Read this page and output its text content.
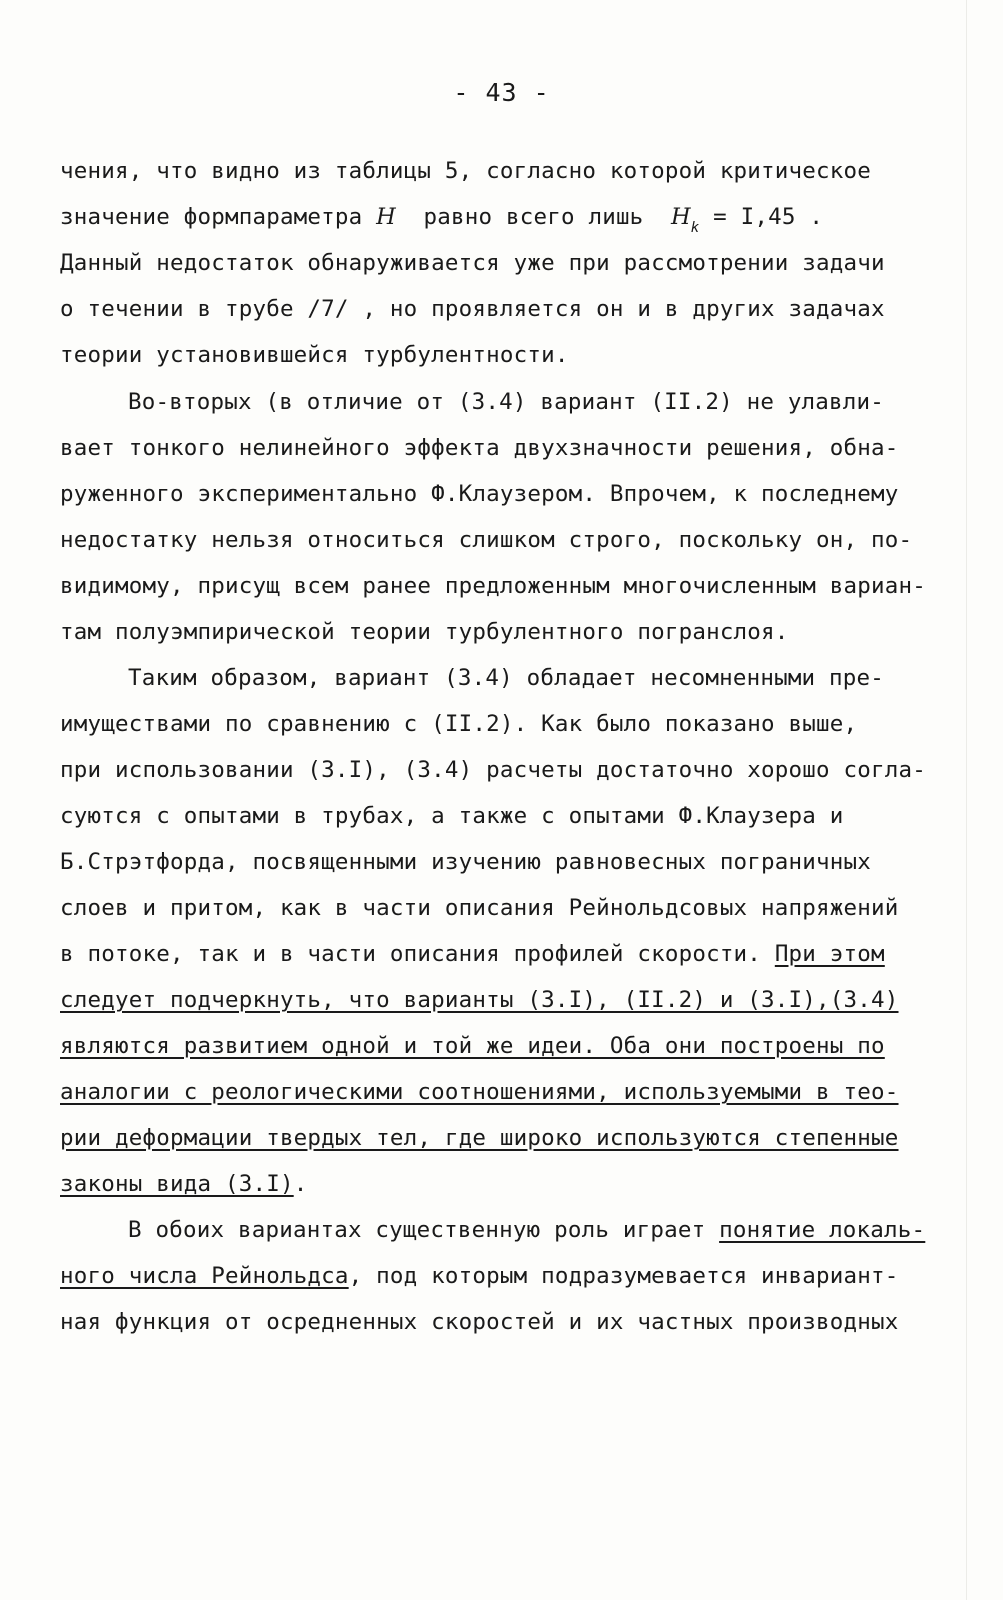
- 43 -
чения, что видно из таблицы 5, согласно которой критическое
значение формпараметра H  равно всего лишь  $H_k = I,45$ .
Данный недостаток обнаруживается уже при рассмотрении задачи
о течении в трубе /7/ , но проявляется он и в других задачах
теории установившейся турбулентности.
Во-вторых (в отличие от (3.4) вариант (II.2) не улавли-
вает тонкого нелинейного эффекта двухзначности решения, обна-
руженного экспериментально Ф.Клаузером. Впрочем, к последнему
недостатку нельзя относиться слишком строго, поскольку он, по-
видимому, присущ всем ранее предложенным многочисленным вариан-
там полуэмпирической теории турбулентного погранслоя.
Таким образом, вариант (3.4) обладает несомненными пре-
имуществами по сравнению с (II.2). Как было показано выше,
при использовании (3.I), (3.4) расчеты достаточно хорошо согла-
суются с опытами в трубах, а также с опытами Ф.Клаузера и
Б.Стрэтфорда, посвященными изучению равновесных пограничных
слоев и притом, как в части описания Рейнольдсовых напряжений
в потоке, так и в части описания профилей скорости. При этом
следует подчеркнуть, что варианты (3.I), (II.2) и (3.I),(3.4)
являются развитием одной и той же идеи. Оба они построены по
аналогии с реологическими соотношениями, используемыми в тео-
рии деформации твердых тел, где широко используются степенные
законы вида (3.I).
В обоих вариантах существенную роль играет понятие локаль-
ного числа Рейнольдса, под которым подразумевается инвариант-
ная функция от осредненных скоростей и их частных производных
